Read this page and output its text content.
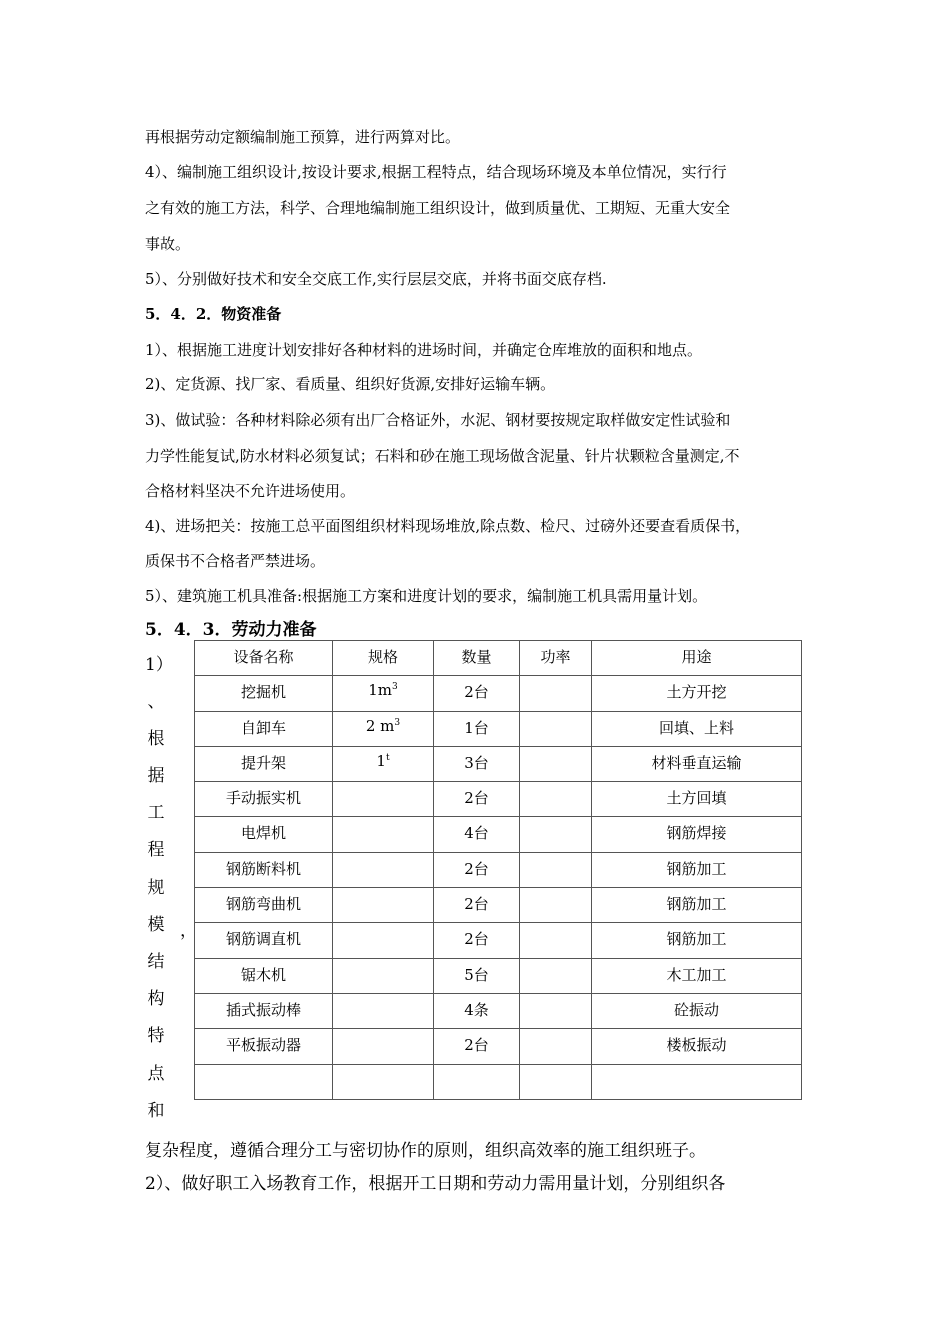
再根据劳动定额编制施工预算，进行两算对比。
4）、编制施工组织设计,按设计要求,根据工程特点，结合现场环境及本单位情况，实行行
之有效的施工方法，科学、合理地编制施工组织设计，做到质量优、工期短、无重大安全
事故。
5）、分别做好技术和安全交底工作,实行层层交底，并将书面交底存档.
5．4．2．物资准备
1）、根据施工进度计划安排好各种材料的进场时间，并确定仓库堆放的面积和地点。
2)、定货源、找厂家、看质量、组织好货源,安排好运输车辆。
3)、做试验：各种材料除必须有出厂合格证外，水泥、钢材要按规定取样做安定性试验和
力学性能复试,防水材料必须复试；石料和砂在施工现场做含泥量、针片状颗粒含量测定,不
合格材料坚决不允许进场使用。
4)、进场把关：按施工总平面图组织材料现场堆放,除点数、检尺、过磅外还要查看质保书，
质保书不合格者严禁进场。
5）、建筑施工机具准备:根据施工方案和进度计划的要求，编制施工机具需用量计划。
5．4．3．劳动力准备
1）
、
根
据
工
程
规
模
结
构
特
点
和
，
设备名称	规格	数量	功率	用途
挖掘机	$1m^3$	2台		土方开挖
自卸车	2 $m^3$	1台		回填、上料
提升架	1$^t$	3台		材料垂直运输
手动振实机		2台		土方回填
电焊机		4台		钢筋焊接
钢筋断料机		2台		钢筋加工
钢筋弯曲机		2台		钢筋加工
钢筋调直机		2台		钢筋加工
锯木机		5台		木工加工
插式振动棒		4条		砼振动
平板振动器		2台		楼板振动

复杂程度，遵循合理分工与密切协作的原则，组织高效率的施工组织班子。
2）、做好职工入场教育工作，根据开工日期和劳动力需用量计划，分别组织各
